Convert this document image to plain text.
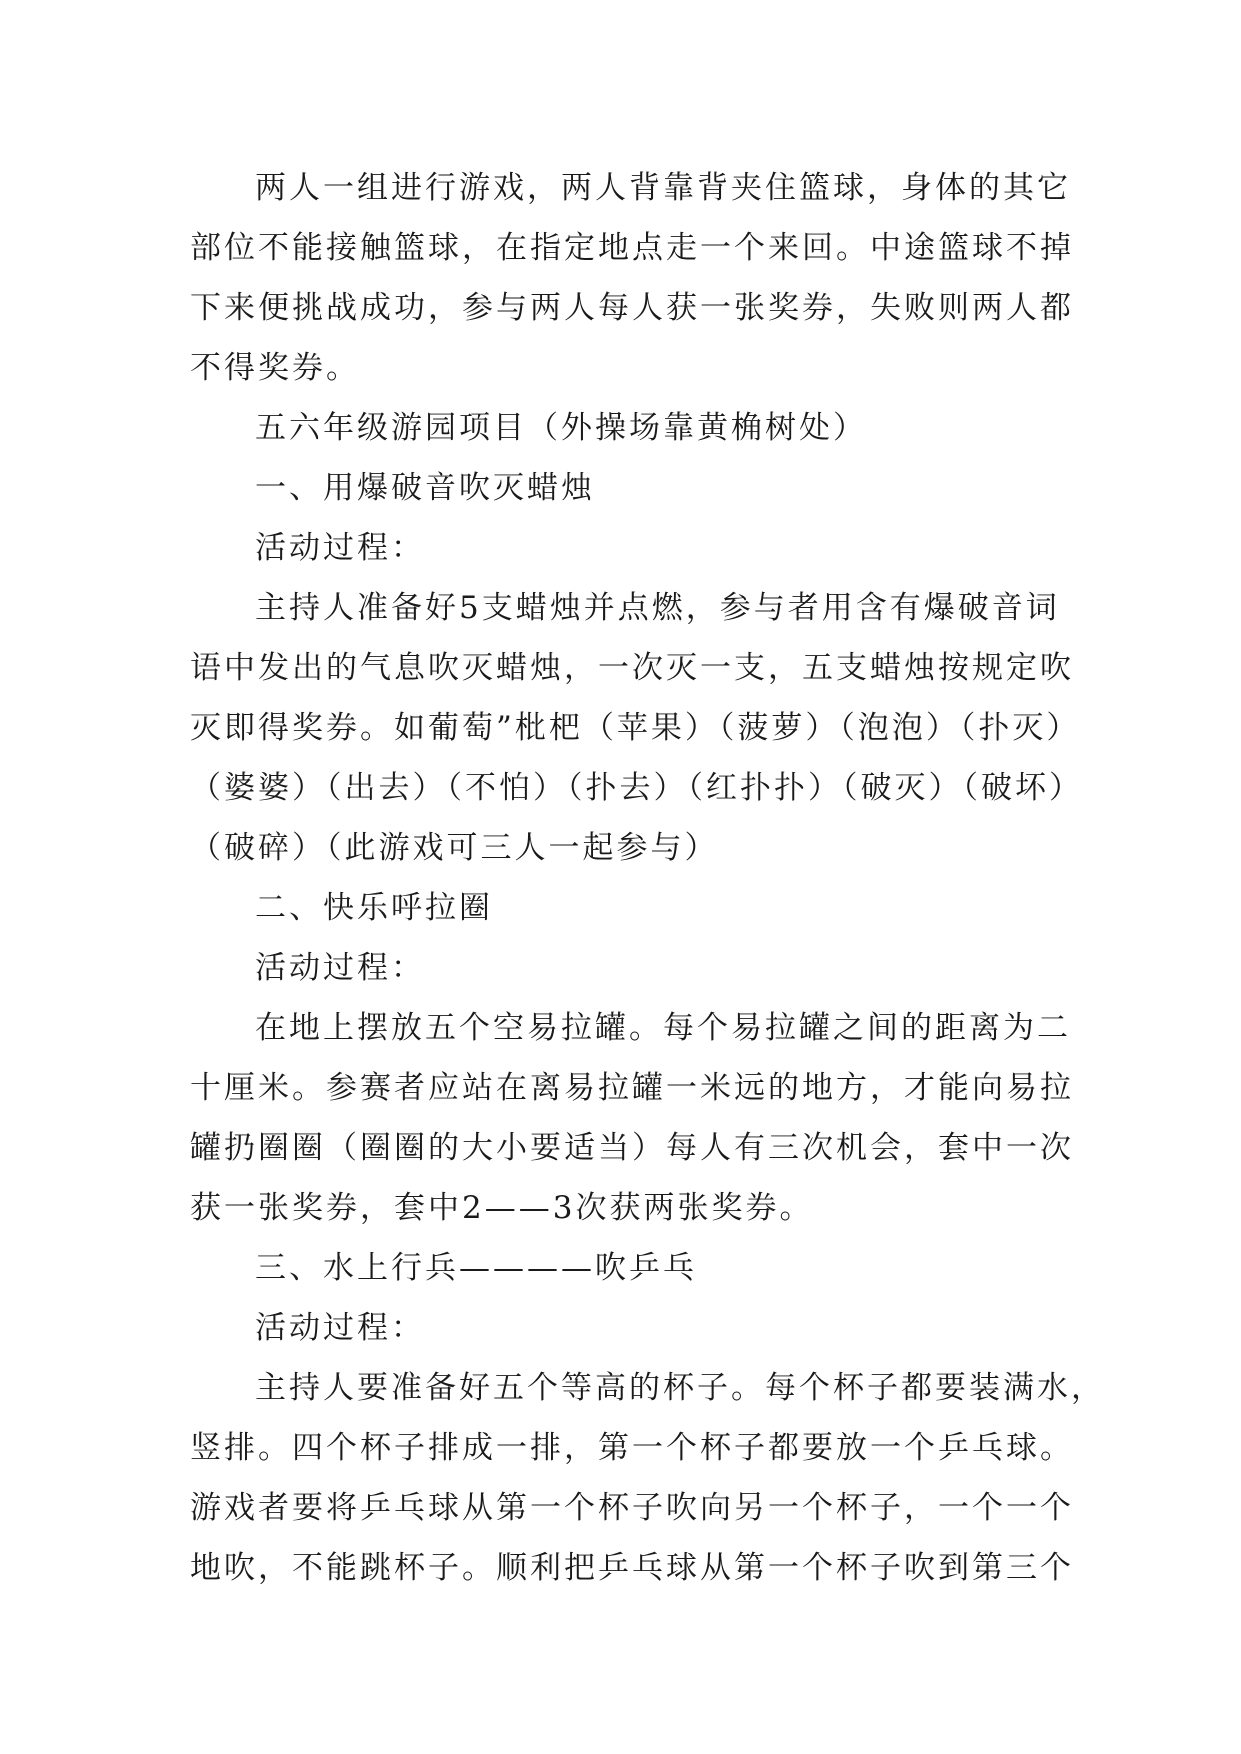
两人一组进行游戏，两人背靠背夹住篮球，身体的其它
部位不能接触篮球，在指定地点走一个来回。中途篮球不掉
下来便挑战成功，参与两人每人获一张奖券，失败则两人都
不得奖券。
五六年级游园项目（外操场靠黄桷树处）
一、用爆破音吹灭蜡烛
活动过程：
主持人准备好5支蜡烛并点燃，参与者用含有爆破音词
语中发出的气息吹灭蜡烛，一次灭一支，五支蜡烛按规定吹
灭即得奖券。如葡萄”枇杷（苹果）（菠萝）（泡泡）（扑灭）
（婆婆）（出去）（不怕）（扑去）（红扑扑）（破灭）（破坏）
（破碎）（此游戏可三人一起参与）
二、快乐呼拉圈
活动过程：
在地上摆放五个空易拉罐。每个易拉罐之间的距离为二
十厘米。参赛者应站在离易拉罐一米远的地方，才能向易拉
罐扔圈圈（圈圈的大小要适当）每人有三次机会，套中一次
获一张奖券，套中2——3次获两张奖券。
三、水上行兵————吹乒乓
活动过程：
主持人要准备好五个等高的杯子。每个杯子都要装满水，
竖排。四个杯子排成一排，第一个杯子都要放一个乒乓球。
游戏者要将乒乓球从第一个杯子吹向另一个杯子，一个一个
地吹，不能跳杯子。顺利把乒乓球从第一个杯子吹到第三个
